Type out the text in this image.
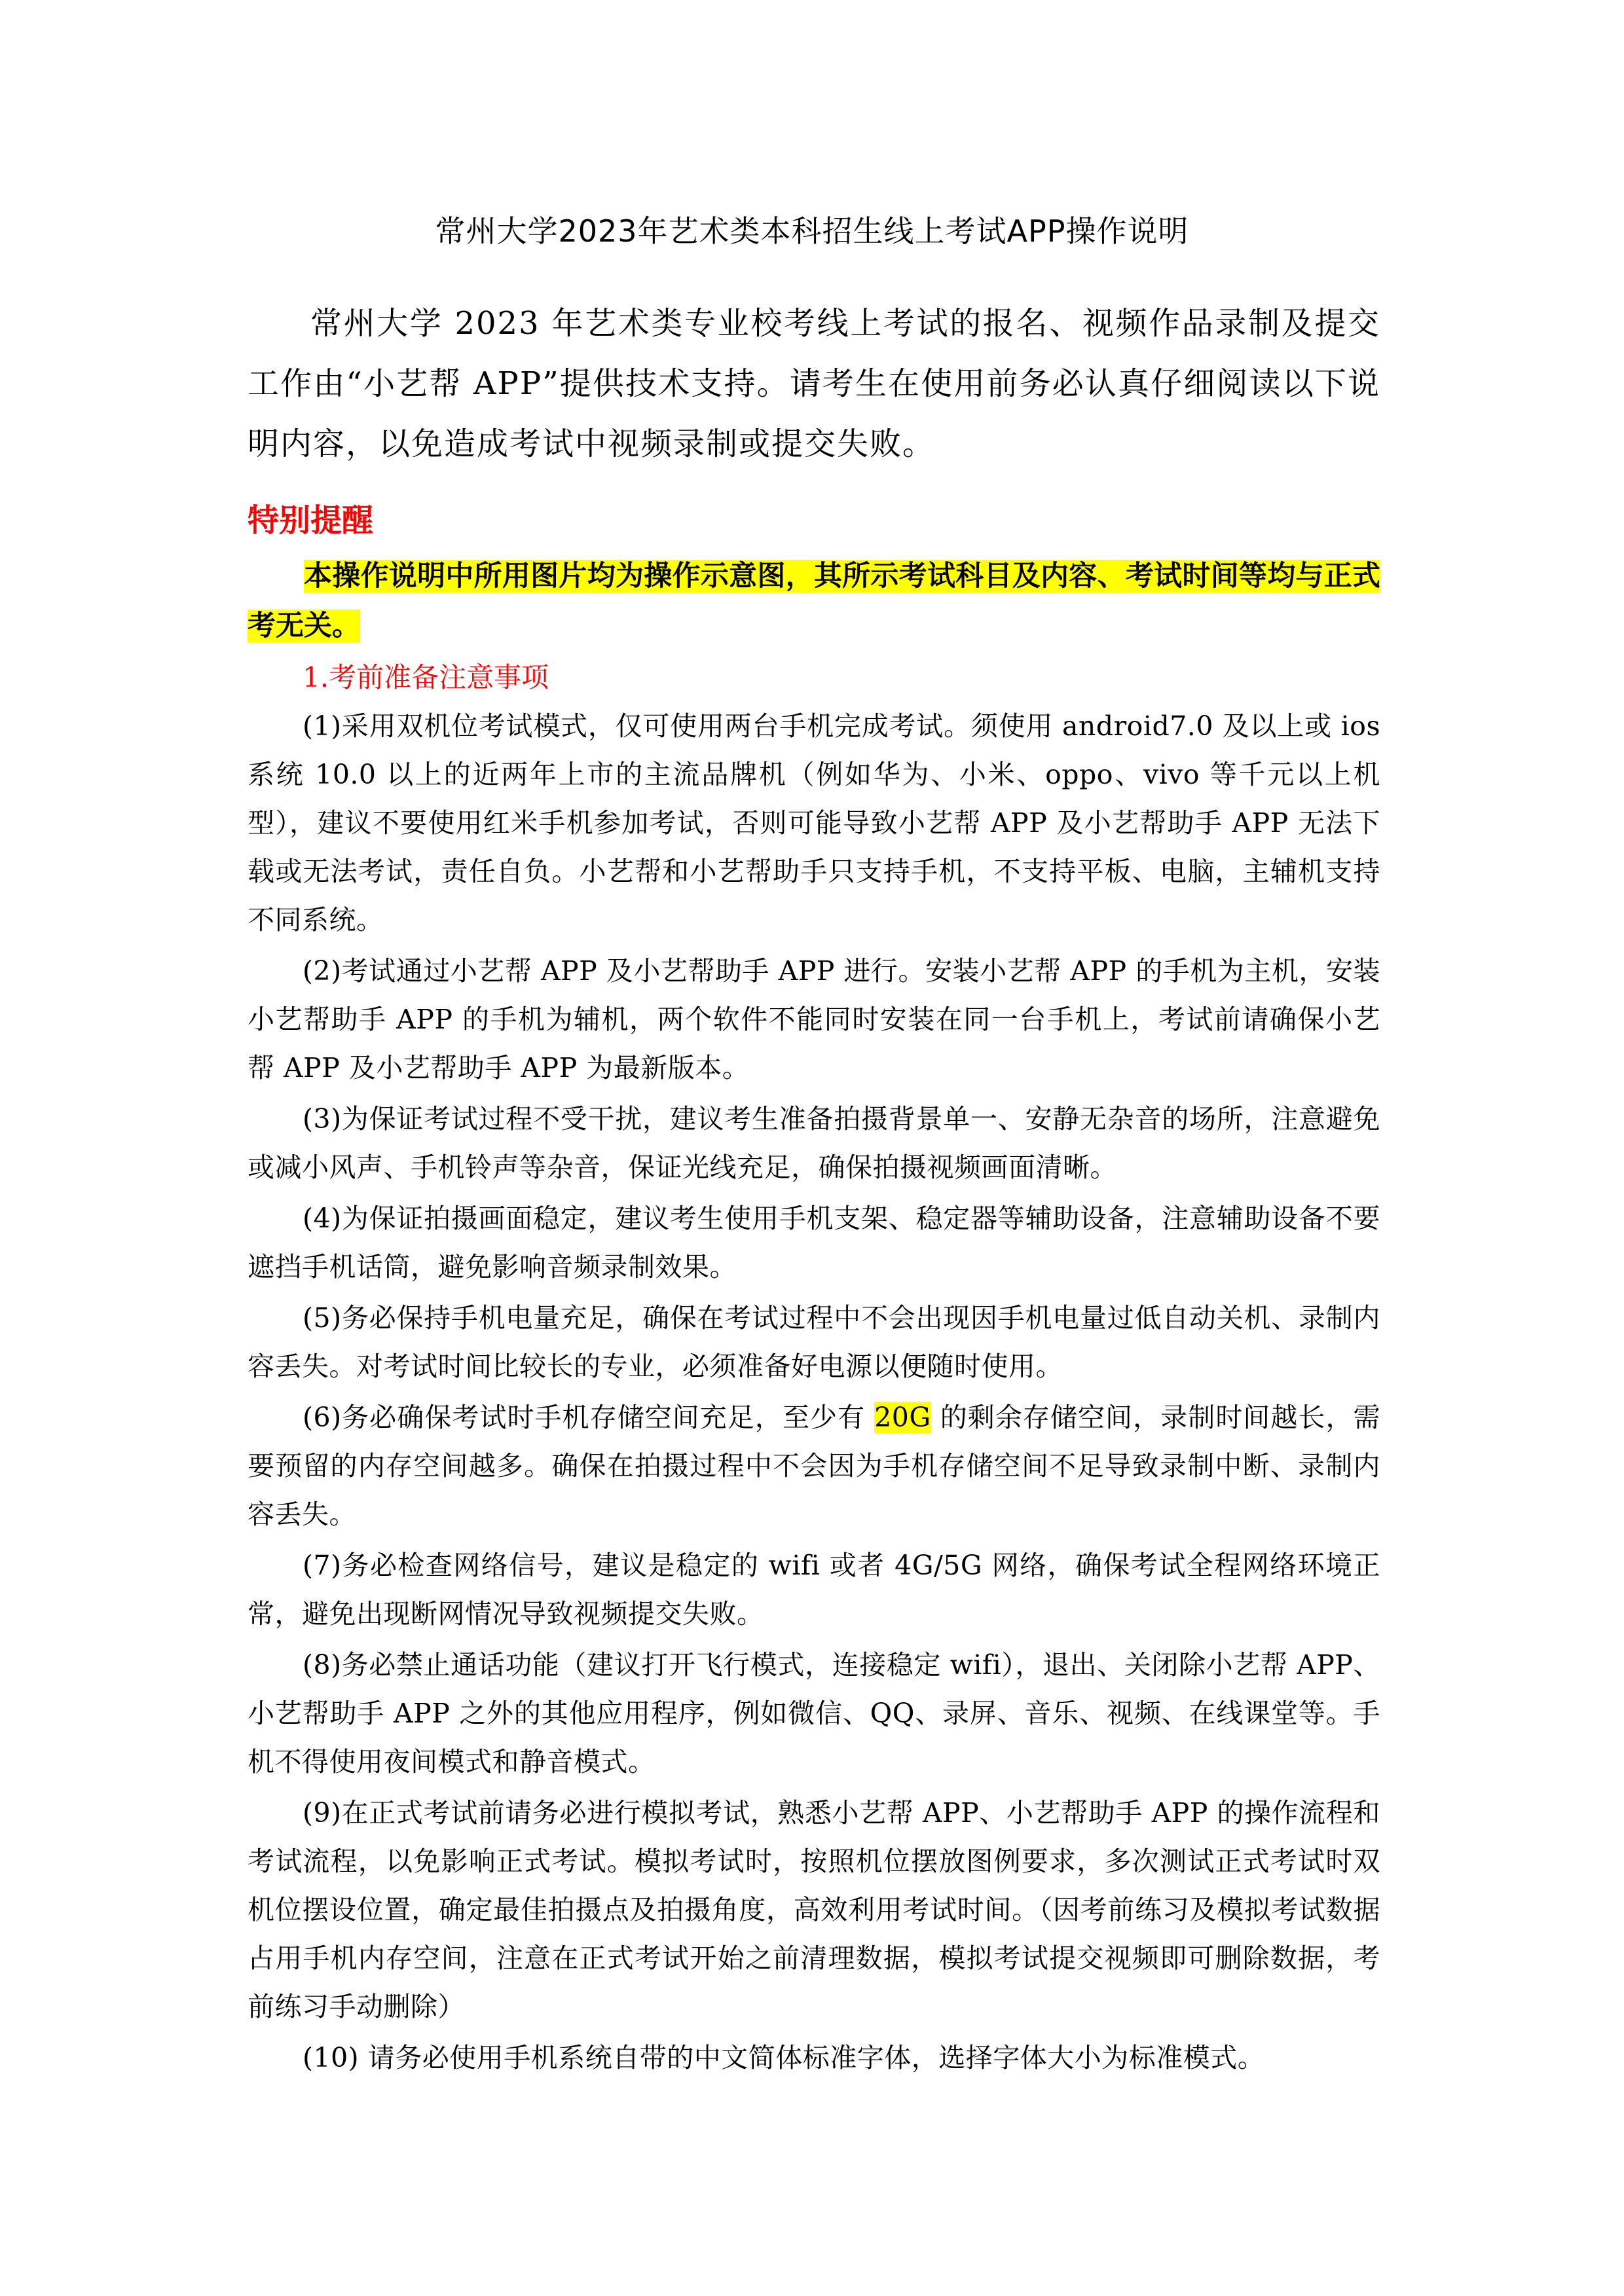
常州大学2023年艺术类本科招生线上考试APP操作说明
常州大学 2023 年艺术类专业校考线上考试的报名、视频作品录制及提交工作由“小艺帮 APP”提供技术支持。请考生在使用前务必认真仔细阅读以下说明内容，以免造成考试中视频录制或提交失败。
特别提醒
本操作说明中所用图片均为操作示意图，其所示考试科目及内容、考试时间等均与正式考无关。
1.考前准备注意事项

(1)采用双机位考试模式，仅可使用两台手机完成考试。须使用 android7.0 及以上或 ios 系统 10.0 以上的近两年上市的主流品牌机（例如华为、小米、oppo、vivo 等千元以上机型），建议不要使用红米手机参加考试，否则可能导致小艺帮 APP 及小艺帮助手 APP 无法下载或无法考试，责任自负。小艺帮和小艺帮助手只支持手机，不支持平板、电脑，主辅机支持不同系统。

(2)考试通过小艺帮 APP 及小艺帮助手 APP 进行。安装小艺帮 APP 的手机为主机，安装小艺帮助手 APP 的手机为辅机，两个软件不能同时安装在同一台手机上，考试前请确保小艺帮 APP 及小艺帮助手 APP 为最新版本。

(3)为保证考试过程不受干扰，建议考生准备拍摄背景单一、安静无杂音的场所，注意避免或减小风声、手机铃声等杂音，保证光线充足，确保拍摄视频画面清晰。

(4)为保证拍摄画面稳定，建议考生使用手机支架、稳定器等辅助设备，注意辅助设备不要遮挡手机话筒，避免影响音频录制效果。

(5)务必保持手机电量充足，确保在考试过程中不会出现因手机电量过低自动关机、录制内容丢失。对考试时间比较长的专业，必须准备好电源以便随时使用。

(6)务必确保考试时手机存储空间充足，至少有 20G 的剩余存储空间，录制时间越长，需要预留的内存空间越多。确保在拍摄过程中不会因为手机存储空间不足导致录制中断、录制内容丢失。

(7)务必检查网络信号，建议是稳定的 wifi 或者 4G/5G 网络，确保考试全程网络环境正常，避免出现断网情况导致视频提交失败。

(8)务必禁止通话功能（建议打开飞行模式，连接稳定 wifi），退出、关闭除小艺帮 APP、小艺帮助手 APP 之外的其他应用程序，例如微信、QQ、录屏、音乐、视频、在线课堂等。手机不得使用夜间模式和静音模式。

(9)在正式考试前请务必进行模拟考试，熟悉小艺帮 APP、小艺帮助手 APP 的操作流程和考试流程，以免影响正式考试。模拟考试时，按照机位摆放图例要求，多次测试正式考试时双机位摆设位置，确定最佳拍摄点及拍摄角度，高效利用考试时间。（因考前练习及模拟考试数据占用手机内存空间，注意在正式考试开始之前清理数据，模拟考试提交视频即可删除数据，考前练习手动删除）

(10) 请务必使用手机系统自带的中文简体标准字体，选择字体大小为标准模式。
